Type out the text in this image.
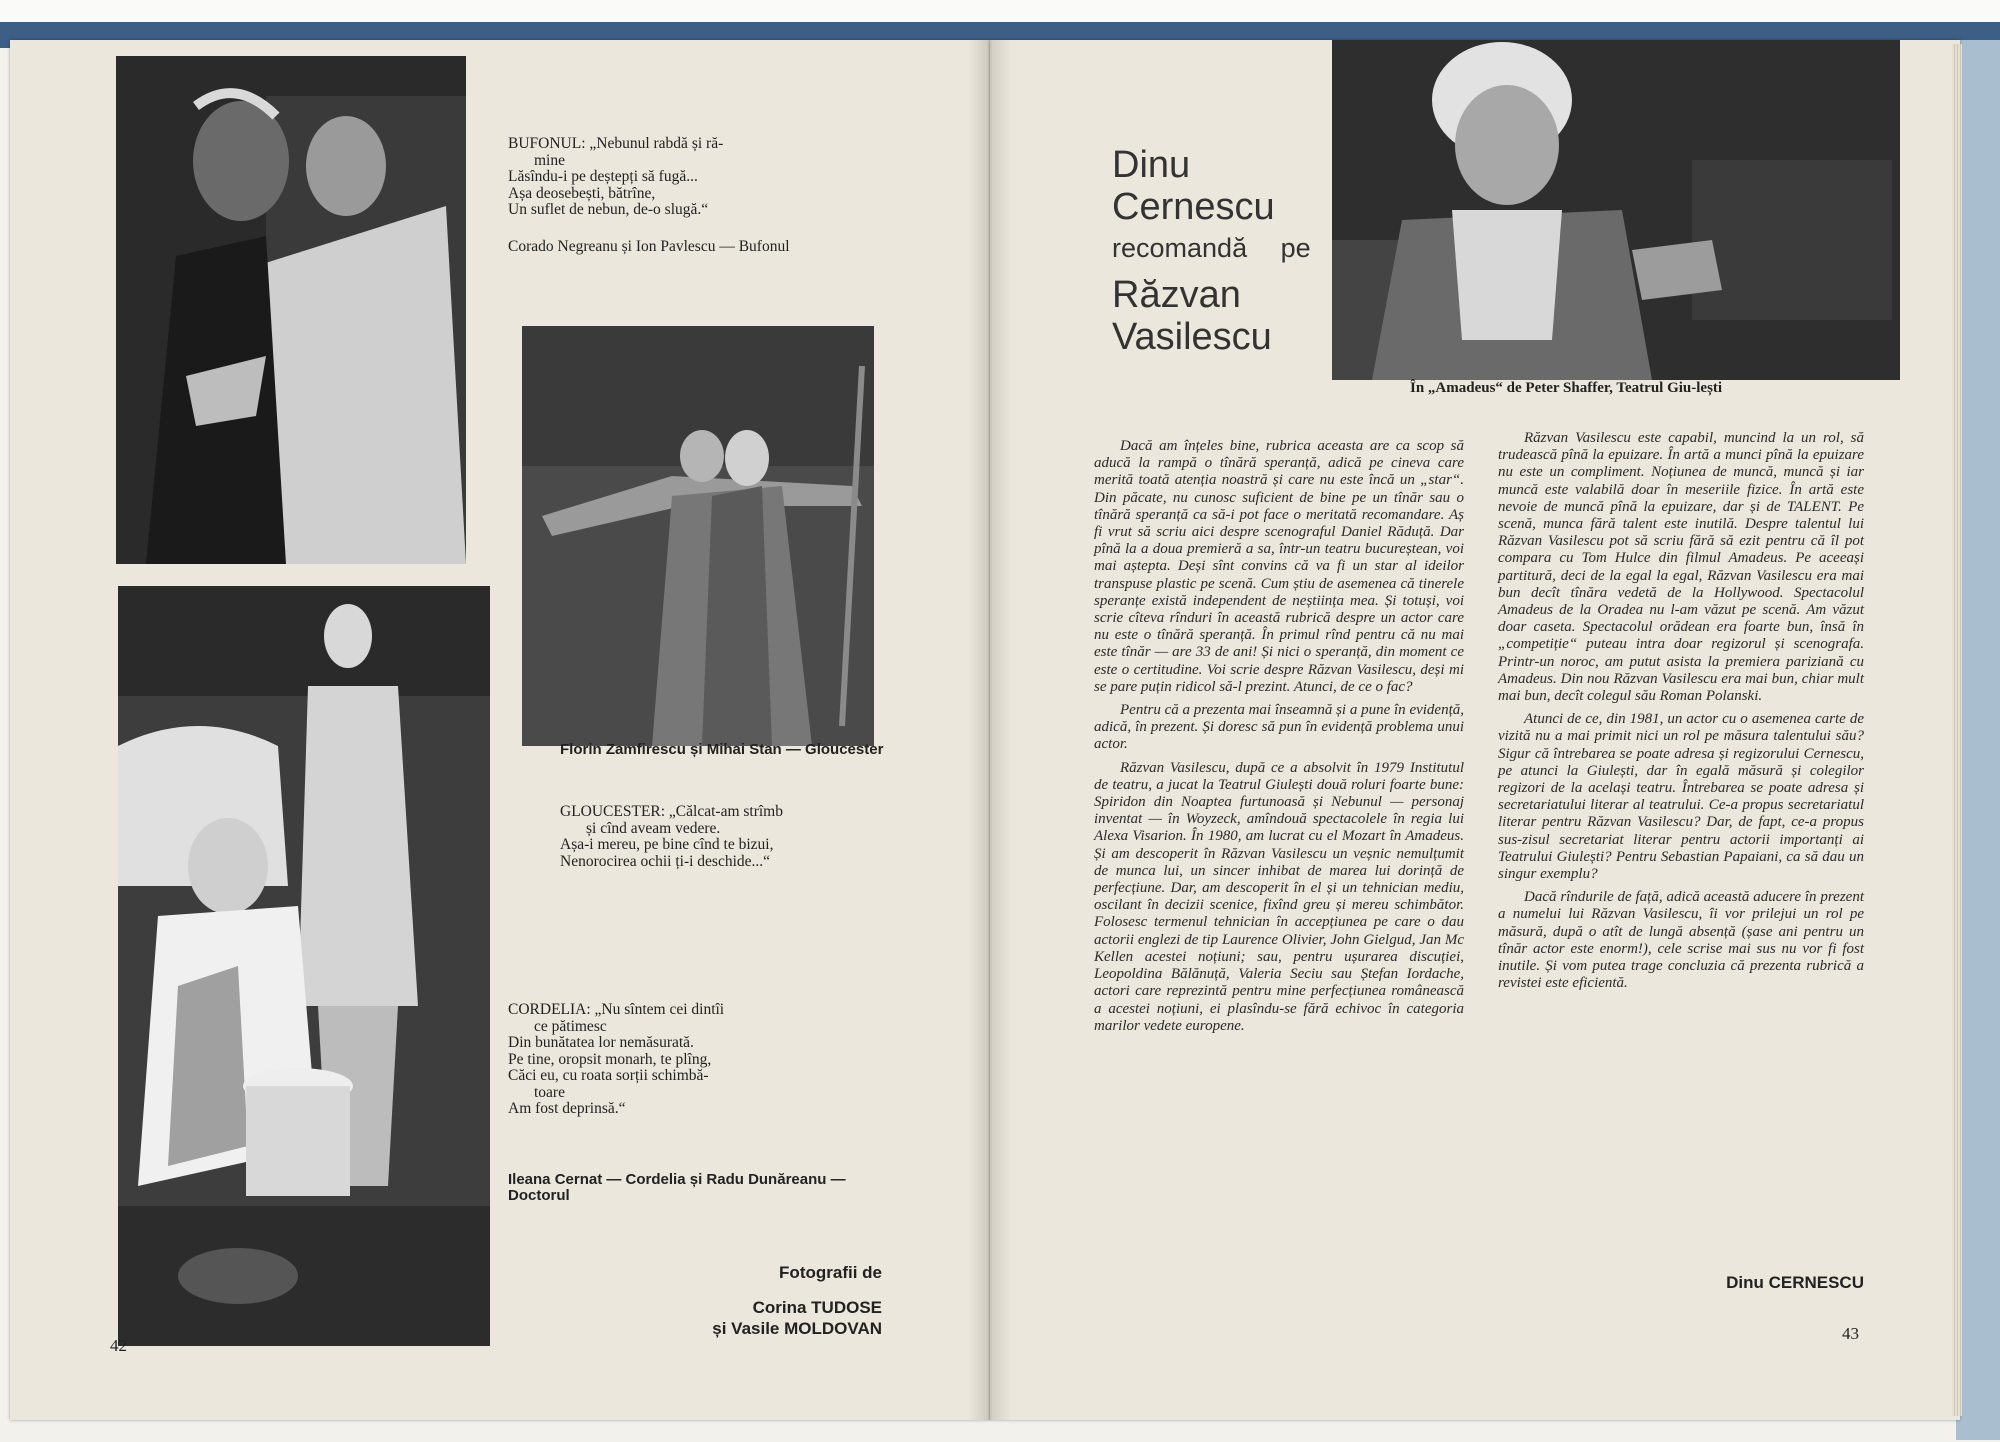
BUFONUL: „Nebunul rabdă și ră-
mine
Lăsîndu-i pe deștepți să fugă...
Așa deosebești, bătrîne,
Un suflet de nebun, de-o slugă.“
Corado Negreanu și Ion Pavlescu — Bufonul
Florin Zamfirescu și Mihai Stan — Gloucester
GLOUCESTER: „Călcat-am strîmb
și cînd aveam vedere.
Așa-i mereu, pe bine cînd te bizui,
Nenorocirea ochii ți-i deschide...“
CORDELIA: „Nu sîntem cei dintîi
ce pătimesc
Din bunătatea lor nemăsurată.
Pe tine, oropsit monarh, te plîng,
Căci eu, cu roata sorții schimbă-
toare
Am fost deprinsă.“
Ileana Cernat — Cordelia și Radu Dunăreanu — Doctorul
Fotografii de
Corina TUDOSE
și Vasile MOLDOVAN
42
Dinu
Cernescu
recomandă pe
Răzvan
Vasilescu
În „Amadeus“ de Peter Shaffer, Teatrul Giu-lești

Dacă am înțeles bine, rubrica aceasta are ca scop să aducă la rampă o tînără speranță, adică pe cineva care merită toată atenția noastră și care nu este încă un „star“. Din păcate, nu cunosc suficient de bine pe un tînăr sau o tînără speranță ca să-i pot face o meritată recomandare. Aș fi vrut să scriu aici despre scenograful Daniel Răduță. Dar pînă la a doua premieră a sa, într-un teatru bucureștean, voi mai aștepta. Deși sînt convins că va fi un star al ideilor transpuse plastic pe scenă. Cum știu de asemenea că tinerele speranțe există independent de neștiința mea. Și totuși, voi scrie cîteva rînduri în această rubrică despre un actor care nu este o tînără speranță. În primul rînd pentru că nu mai este tînăr — are 33 de ani! Și nici o speranță, din moment ce este o certitudine. Voi scrie despre Răzvan Vasilescu, deși mi se pare puțin ridicol să-l prezint. Atunci, de ce o fac?

Pentru că a prezenta mai înseamnă și a pune în evidență, adică, în prezent. Și doresc să pun în evidență problema unui actor.

Răzvan Vasilescu, după ce a absolvit în 1979 Institutul de teatru, a jucat la Teatrul Giulești două roluri foarte bune: Spiridon din Noaptea furtunoasă și Nebunul — personaj inventat — în Woyzeck, amîndouă spectacolele în regia lui Alexa Visarion. În 1980, am lucrat cu el Mozart în Amadeus. Și am descoperit în Răzvan Vasilescu un veșnic nemulțumit de munca lui, un sincer inhibat de marea lui dorință de perfecțiune. Dar, am descoperit în el și un tehnician mediu, oscilant în decizii scenice, fixînd greu și mereu schimbător. Folosesc termenul tehnician în accepțiunea pe care o dau actorii englezi de tip Laurence Olivier, John Gielgud, Jan Mc Kellen acestei noțiuni; sau, pentru ușurarea discuției, Leopoldina Bălănuță, Valeria Seciu sau Ștefan Iordache, actori care reprezintă pentru mine perfecțiunea românească a acestei noțiuni, ei plasîndu-se fără echivoc în categoria marilor vedete europene.

Răzvan Vasilescu este capabil, muncind la un rol, să trudească pînă la epuizare. În artă a munci pînă la epuizare nu este un compliment. Noțiunea de muncă, muncă și iar muncă este valabilă doar în meseriile fizice. În artă este nevoie de muncă pînă la epuizare, dar și de TALENT. Pe scenă, munca fără talent este inutilă. Despre talentul lui Răzvan Vasilescu pot să scriu fără să ezit pentru că îl pot compara cu Tom Hulce din filmul Amadeus. Pe aceeași partitură, deci de la egal la egal, Răzvan Vasilescu era mai bun decît tînăra vedetă de la Hollywood. Spectacolul Amadeus de la Oradea nu l-am văzut pe scenă. Am văzut doar caseta. Spectacolul orădean era foarte bun, însă în „competiție“ puteau intra doar regizorul și scenografa. Printr-un noroc, am putut asista la premiera pariziană cu Amadeus. Din nou Răzvan Vasilescu era mai bun, chiar mult mai bun, decît colegul său Roman Polanski.

Atunci de ce, din 1981, un actor cu o asemenea carte de vizită nu a mai primit nici un rol pe măsura talentului său? Sigur că întrebarea se poate adresa și regizorului Cernescu, pe atunci la Giulești, dar în egală măsură și colegilor regizori de la același teatru. Întrebarea se poate adresa și secretariatului literar al teatrului. Ce-a propus secretariatul literar pentru Răzvan Vasilescu? Dar, de fapt, ce-a propus sus-zisul secretariat literar pentru actorii importanți ai Teatrului Giulești? Pentru Sebastian Papaiani, ca să dau un singur exemplu?

Dacă rîndurile de față, adică această aducere în prezent a numelui lui Răzvan Vasilescu, îi vor prilejui un rol pe măsură, după o atît de lungă absență (șase ani pentru un tînăr actor este enorm!), cele scrise mai sus nu vor fi fost inutile. Și vom putea trage concluzia că prezenta rubrică a revistei este eficientă.

Dinu CERNESCU
43
